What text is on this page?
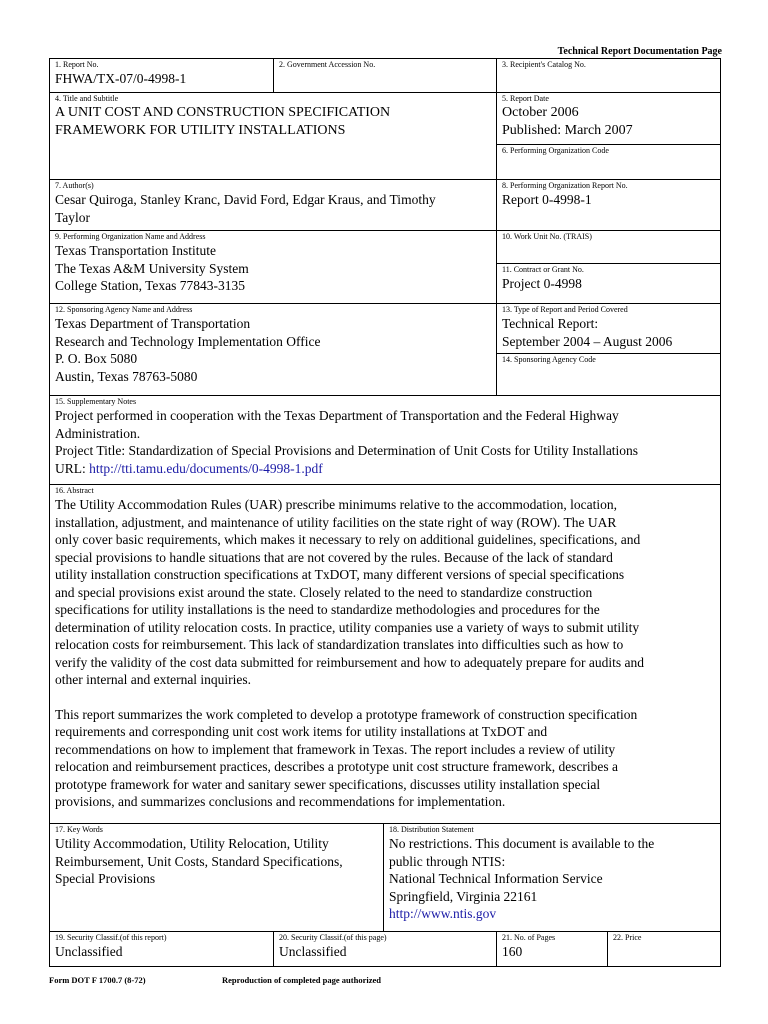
Technical Report Documentation Page
1. Report No.
FHWA/TX-07/0-4998-1
2. Government Accession No.	3. Recipient's Catalog No.
4. Title and Subtitle
A UNIT COST AND CONSTRUCTION SPECIFICATION
FRAMEWORK FOR UTILITY INSTALLATIONS
5. Report Date
October 2006
Published: March 2007
6. Performing Organization Code
7. Author(s)
Cesar Quiroga, Stanley Kranc, David Ford, Edgar Kraus, and Timothy
Taylor
8. Performing Organization Report No.
Report 0-4998-1
9. Performing Organization Name and Address
Texas Transportation Institute
The Texas A&M University System
College Station, Texas 77843-3135
10. Work Unit No. (TRAIS)
11. Contract or Grant No.
Project 0-4998
12. Sponsoring Agency Name and Address
Texas Department of Transportation
Research and Technology Implementation Office
P. O. Box 5080
Austin, Texas 78763-5080
13. Type of Report and Period Covered
Technical Report:
September 2004 – August 2006
14. Sponsoring Agency Code
15. Supplementary Notes
Project performed in cooperation with the Texas Department of Transportation and the Federal Highway
Administration.
Project Title: Standardization of Special Provisions and Determination of Unit Costs for Utility Installations
URL: http://tti.tamu.edu/documents/0-4998-1.pdf
16. Abstract
The Utility Accommodation Rules (UAR) prescribe minimums relative to the accommodation, location,
installation, adjustment, and maintenance of utility facilities on the state right of way (ROW). The UAR
only cover basic requirements, which makes it necessary to rely on additional guidelines, specifications, and
special provisions to handle situations that are not covered by the rules. Because of the lack of standard
utility installation construction specifications at TxDOT, many different versions of special specifications
and special provisions exist around the state. Closely related to the need to standardize construction
specifications for utility installations is the need to standardize methodologies and procedures for the
determination of utility relocation costs. In practice, utility companies use a variety of ways to submit utility
relocation costs for reimbursement. This lack of standardization translates into difficulties such as how to
verify the validity of the cost data submitted for reimbursement and how to adequately prepare for audits and
other internal and external inquiries.
This report summarizes the work completed to develop a prototype framework of construction specification
requirements and corresponding unit cost work items for utility installations at TxDOT and
recommendations on how to implement that framework in Texas. The report includes a review of utility
relocation and reimbursement practices, describes a prototype unit cost structure framework, describes a
prototype framework for water and sanitary sewer specifications, discusses utility installation special
provisions, and summarizes conclusions and recommendations for implementation.
17. Key Words
Utility Accommodation, Utility Relocation, Utility
Reimbursement, Unit Costs, Standard Specifications,
Special Provisions
18. Distribution Statement
No restrictions. This document is available to the
public through NTIS:
National Technical Information Service
Springfield, Virginia 22161
http://www.ntis.gov
19. Security Classif.(of this report)
Unclassified
20. Security Classif.(of this page)
Unclassified
21. No. of Pages
160
22. Price
Form DOT F 1700.7 (8-72)	Reproduction of completed page authorized
